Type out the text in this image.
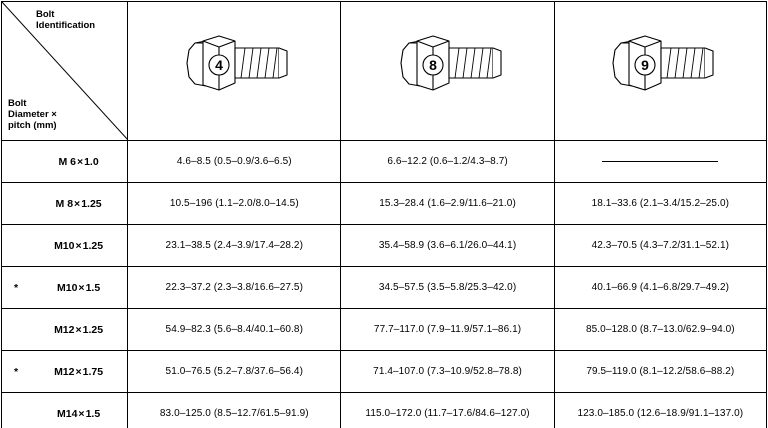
Bolt
Identification
Bolt
Diameter ×
pitch (mm)	4	8	9

M 6×1.0	4.6–8.5 (0.5–0.9/3.6–6.5)	6.6–12.2 (0.6–1.2/4.3–8.7)	

M 8×1.25	10.5–196 (1.1–2.0/8.0–14.5)	15.3–28.4 (1.6–2.9/11.6–21.0)	18.1–33.6 (2.1–3.4/15.2–25.0)

M10×1.25	23.1–38.5 (2.4–3.9/17.4–28.2)	35.4–58.9 (3.6–6.1/26.0–44.1)	42.3–70.5 (4.3–7.2/31.1–52.1)

* M10×1.5	22.3–37.2 (2.3–3.8/16.6–27.5)	34.5–57.5 (3.5–5.8/25.3–42.0)	40.1–66.9 (4.1–6.8/29.7–49.2)

M12×1.25	54.9–82.3 (5.6–8.4/40.1–60.8)	77.7–117.0 (7.9–11.9/57.1–86.1)	85.0–128.0 (8.7–13.0/62.9–94.0)

* M12×1.75	51.0–76.5 (5.2–7.8/37.6–56.4)	71.4–107.0 (7.3–10.9/52.8–78.8)	79.5–119.0 (8.1–12.2/58.6–88.2)

M14×1.5	83.0–125.0 (8.5–12.7/61.5–91.9)	115.0–172.0 (11.7–17.6/84.6–127.0)	123.0–185.0 (12.6–18.9/91.1–137.0)
